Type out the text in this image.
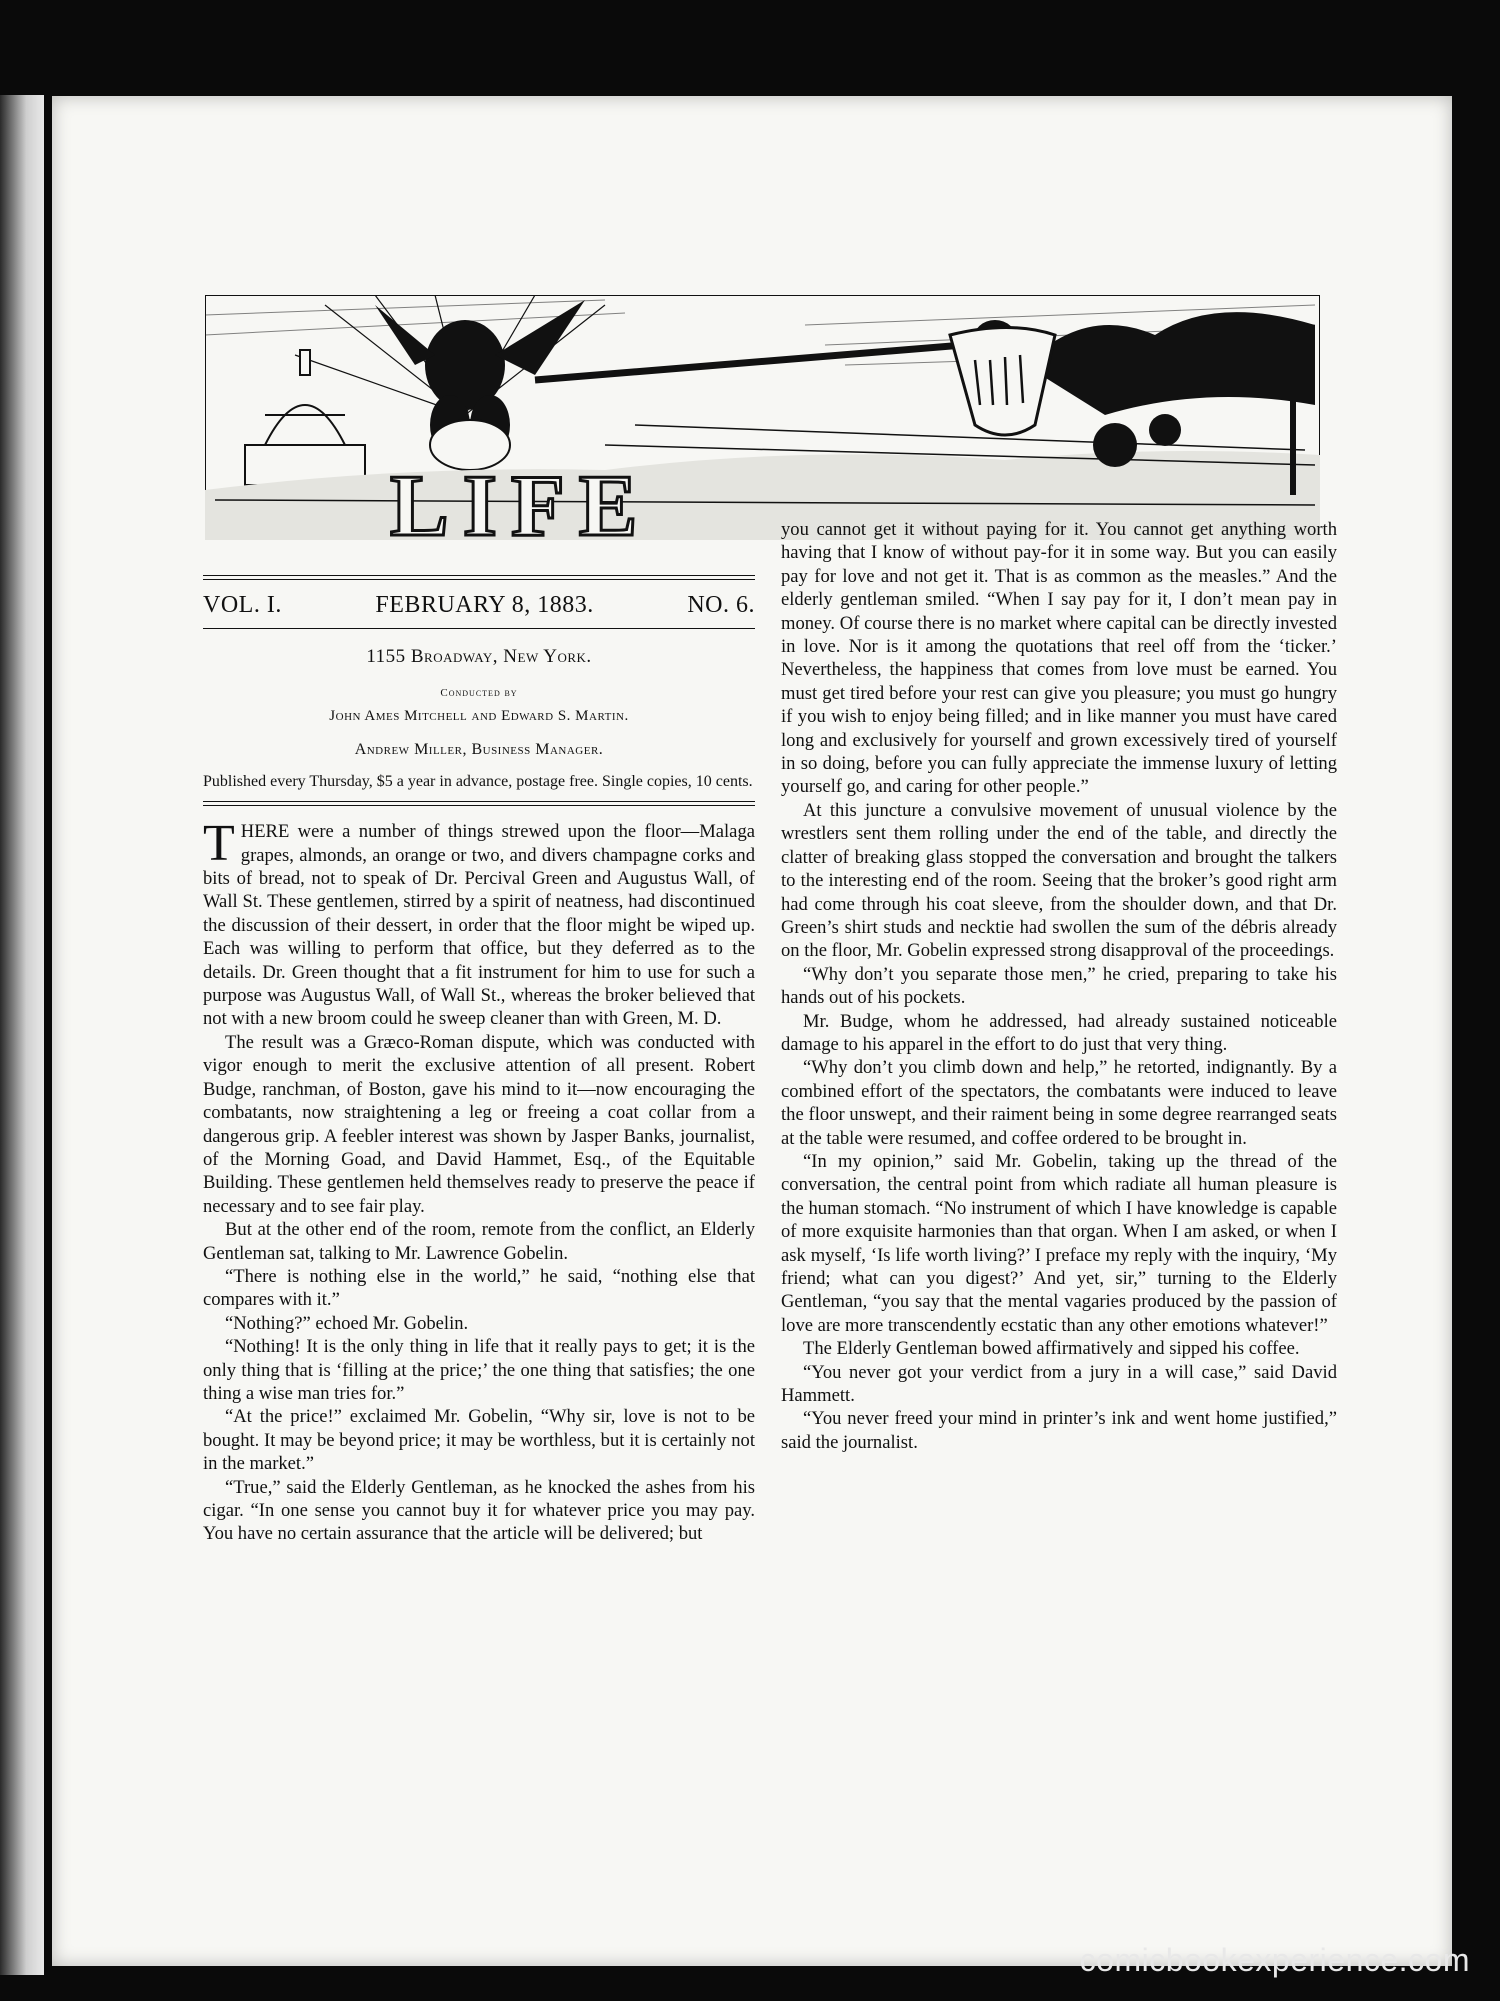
LIFE
VOL. I.	FEBRUARY 8, 1883.	NO. 6.
1155 Broadway, New York.
Conducted by
John Ames Mitchell and Edward S. Martin.
Andrew Miller, Business Manager.
Published every Thursday, $5 a year in advance, postage free. Single copies, 10 cents.

THERE were a number of things strewed upon the floor—Malaga grapes, almonds, an orange or two, and divers champagne corks and bits of bread, not to speak of Dr. Percival Green and Augustus Wall, of Wall St. These gentlemen, stirred by a spirit of neatness, had discontinued the discussion of their dessert, in order that the floor might be wiped up. Each was willing to perform that office, but they deferred as to the details. Dr. Green thought that a fit instrument for him to use for such a purpose was Augustus Wall, of Wall St., whereas the broker believed that not with a new broom could he sweep cleaner than with Green, M. D.

The result was a Græco-Roman dispute, which was conducted with vigor enough to merit the exclusive attention of all present. Robert Budge, ranchman, of Boston, gave his mind to it—now encouraging the combatants, now straightening a leg or freeing a coat collar from a dangerous grip. A feebler interest was shown by Jasper Banks, journalist, of the Morning Goad, and David Hammet, Esq., of the Equitable Building. These gentlemen held themselves ready to preserve the peace if necessary and to see fair play.

But at the other end of the room, remote from the conflict, an Elderly Gentleman sat, talking to Mr. Lawrence Gobelin.

“There is nothing else in the world,” he said, “nothing else that compares with it.”

“Nothing?” echoed Mr. Gobelin.

“Nothing! It is the only thing in life that it really pays to get; it is the only thing that is ‘filling at the price;’ the one thing that satisfies; the one thing a wise man tries for.”

“At the price!” exclaimed Mr. Gobelin, “Why sir, love is not to be bought. It may be beyond price; it may be worthless, but it is certainly not in the market.”

“True,” said the Elderly Gentleman, as he knocked the ashes from his cigar. “In one sense you cannot buy it for whatever price you may pay. You have no certain assurance that the article will be delivered; but

you cannot get it without paying for it. You cannot get anything worth having that I know of without pay-for it in some way. But you can easily pay for love and not get it. That is as common as the measles.” And the elderly gentleman smiled. “When I say pay for it, I don’t mean pay in money. Of course there is no market where capital can be directly invested in love. Nor is it among the quotations that reel off from the ‘ticker.’ Nevertheless, the happiness that comes from love must be earned. You must get tired before your rest can give you pleasure; you must go hungry if you wish to enjoy being filled; and in like manner you must have cared long and exclusively for yourself and grown excessively tired of yourself in so doing, before you can fully appreciate the immense luxury of letting yourself go, and caring for other people.”

At this juncture a convulsive movement of unusual violence by the wrestlers sent them rolling under the end of the table, and directly the clatter of breaking glass stopped the conversation and brought the talkers to the interesting end of the room. Seeing that the broker’s good right arm had come through his coat sleeve, from the shoulder down, and that Dr. Green’s shirt studs and necktie had swollen the sum of the débris already on the floor, Mr. Gobelin expressed strong disapproval of the proceedings.

“Why don’t you separate those men,” he cried, preparing to take his hands out of his pockets.

Mr. Budge, whom he addressed, had already sustained noticeable damage to his apparel in the effort to do just that very thing.

“Why don’t you climb down and help,” he retorted, indignantly. By a combined effort of the spectators, the combatants were induced to leave the floor unswept, and their raiment being in some degree rearranged seats at the table were resumed, and coffee ordered to be brought in.

“In my opinion,” said Mr. Gobelin, taking up the thread of the conversation, the central point from which radiate all human pleasure is the human stomach. “No instrument of which I have knowledge is capable of more exquisite harmonies than that organ. When I am asked, or when I ask myself, ‘Is life worth living?’ I preface my reply with the inquiry, ‘My friend; what can you digest?’ And yet, sir,” turning to the Elderly Gentleman, “you say that the mental vagaries produced by the passion of love are more transcendently ecstatic than any other emotions whatever!”

The Elderly Gentleman bowed affirmatively and sipped his coffee.

“You never got your verdict from a jury in a will case,” said David Hammett.

“You never freed your mind in printer’s ink and went home justified,” said the journalist.

comicbookexperience.com
